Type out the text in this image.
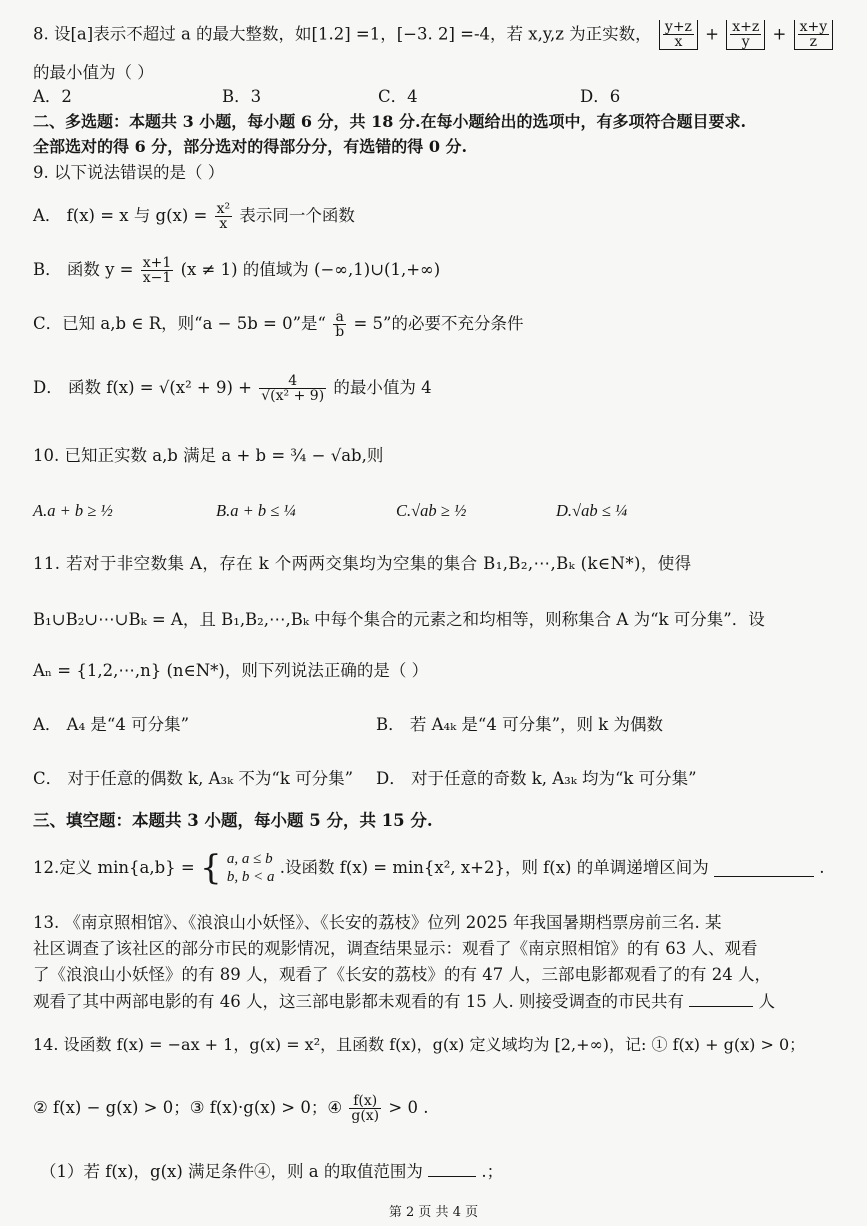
8. 设[a]表示不超过 a 的最大整数，如[1.2] =1，[−3. 2] =-4，若 x,y,z 为正实数， $\frac{y+z}{x} + \frac{x+z}{y} + \frac{x+y}{z}$
的最小值为（ ）
A．2	B．3	C．4	D．6
二、多选题：本题共 3 小题，每小题 6 分，共 18 分.在每小题给出的选项中，有多项符合题目要求.
全部选对的得 6 分，部分选对的得部分分，有选错的得 0 分.
9. 以下说法错误的是（ ）
A． f(x) = x 与 $g(x) = \frac{\text{x²}}{x}$ 表示同一个函数
B． 函数 $y = \frac{x+1}{x-1} (x \ne 1)$ 的值域为 (−∞,1)∪(1,+∞)
C．已知 a,b ∈ R，则“a − 5b = 0”是“ $\frac{a}{b} = 5$”的必要不充分条件
D． 函数 $f(x) = √(x^2 + 9) + \frac{4}{\text{√(x² + 9)}}$ 的最小值为 4
10. 已知正实数 a,b 满足 a + b = ¾ − √ab,则
A.a + b ≥ ½	B.a + b ≤ ¼	C.√ab ≥ ½	D.√ab ≤ ¼
11. 若对于非空数集 A，存在 k 个两两交集均为空集的集合 B₁,B₂,⋯,Bₖ (k∈N*)，使得
B₁∪B₂∪⋯∪Bₖ = A，且 B₁,B₂,⋯,Bₖ 中每个集合的元素之和均相等，则称集合 A 为“k 可分集”．设
Aₙ = {1,2,⋯,n} (n∈N*)，则下列说法正确的是（ ）
A． A₄ 是“4 可分集”	B． 若 A₄ₖ 是“4 可分集”，则 k 为偶数
C． 对于任意的偶数 k, A₃ₖ 不为“k 可分集” D． 对于任意的奇数 k, A₃ₖ 均为“k 可分集”
三、填空题：本题共 3 小题，每小题 5 分，共 15 分.
12.定义 min{a,b} = { a, a ≤ b
b, b < a .设函数 f(x) = min{x², x+2}，则 f(x) 的单调递增区间为	.
13. 《南京照相馆》、《浪浪山小妖怪》、《长安的荔枝》位列 2025 年我国暑期档票房前三名. 某
社区调查了该社区的部分市民的观影情况，调查结果显示：观看了《南京照相馆》的有 63 人、观看
了《浪浪山小妖怪》的有 89 人，观看了《长安的荔枝》的有 47 人，三部电影都观看了的有 24 人，
观看了其中两部电影的有 46 人，这三部电影都未观看的有 15 人. 则接受调查的市民共有	人
14. 设函数 f(x) = −ax + 1，g(x) = x²，且函数 f(x)，g(x) 定义域均为 [2,+∞)，记: ① f(x) + g(x) > 0；
② f(x) − g(x) > 0；③ f(x)·g(x) > 0；④ $\frac{f(x)}{g(x)} > 0$ .
（1）若 f(x)，g(x) 满足条件④，则 a 的取值范围为	.；
第 2 页 共 4 页
